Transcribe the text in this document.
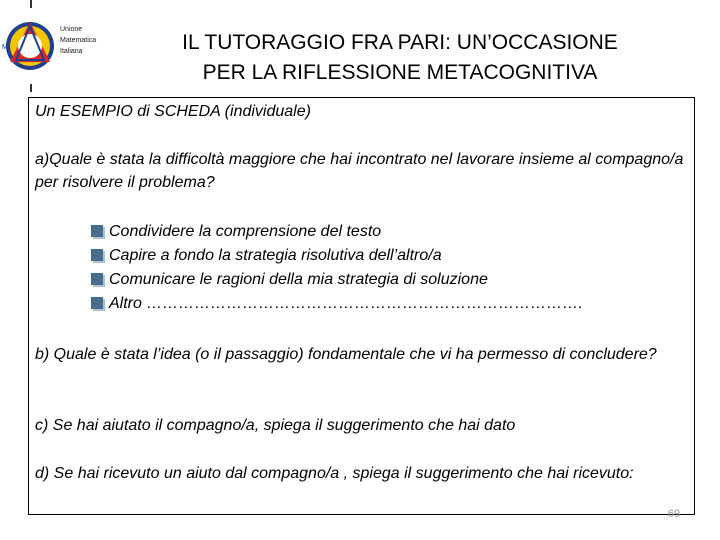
M
Unione
Matematica
Italiana	IL TUTORAGGIO FRA PARI: UN’OCCASIONE
PER LA RIFLESSIONE METACOGNITIVA

Un ESEMPIO di SCHEDA (individuale)

a)Quale è stata la difficoltà maggiore che hai incontrato nel lavorare insieme al compagno/a per risolvere il problema?

Condividere la comprensione del testo
Capire a fondo la strategia risolutiva dell’altro/a
Comunicare le ragioni della mia strategia di soluzione
Altro ……………………………………………………………………….

b) Quale è stata l’idea (o il passaggio) fondamentale che vi ha permesso di concludere?

c) Se hai aiutato il compagno/a, spiega il suggerimento che hai dato

d) Se hai ricevuto un aiuto dal compagno/a , spiega il suggerimento che hai ricevuto:

69
